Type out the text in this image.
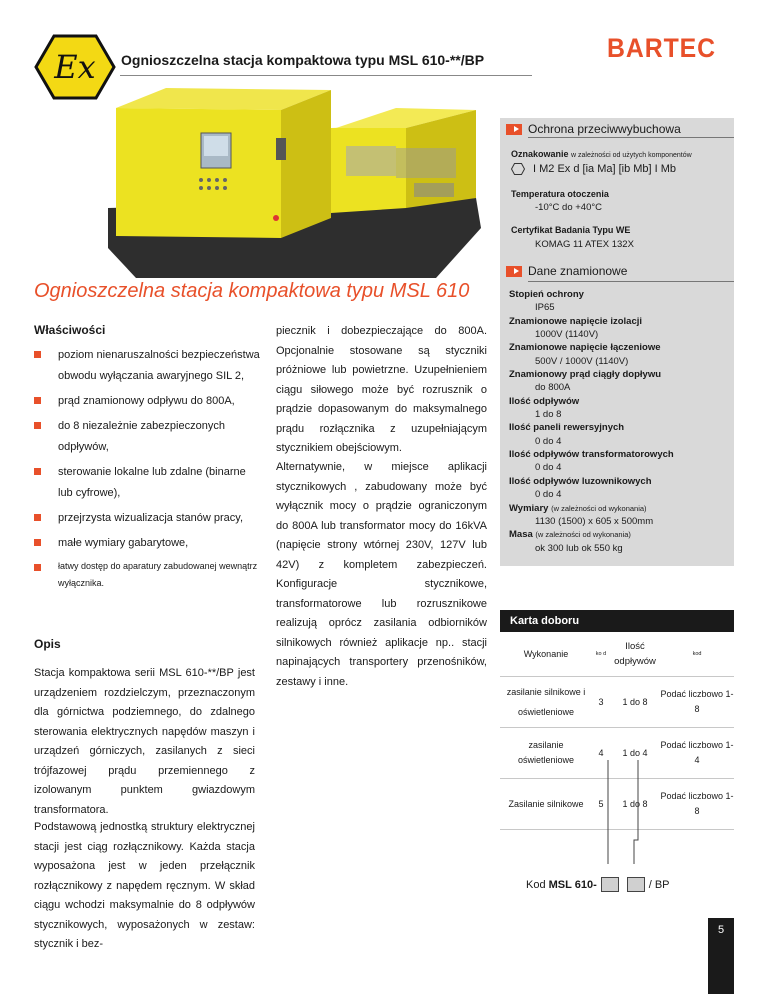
Ex Ognioszczelna stacja kompaktowa typu MSL 610-**/BP	BARTEC
Ognioszczelna stacja kompaktowa typu MSL 610
Ochrona przeciwwybuchowa
Oznakowanie w zależności od użytych komponentów
I M2 Ex d [ia Ma] [ib Mb] I Mb
Temperatura otoczenia
-10°C do +40°C
Certyfikat Badania Typu WE
KOMAG 11 ATEX 132X
Dane znamionowe
Stopień ochrony
IP65
Znamionowe napięcie izolacji
1000V (1140V)
Znamionowe napięcie łączeniowe
500V / 1000V (1140V)
Znamionowy prąd ciągły dopływu
do 800A
Ilość odpływów
1 do 8
Ilość paneli rewersyjnych
0 do 4
Ilość odpływów transformatorowych
0 do 4
Ilość odpływów luzownikowych
0 do 4
Wymiary (w zależności od wykonania)
1130 (1500) x 605 x 500mm
Masa (w zależności od wykonania)
ok 300 lub ok 550 kg
Właściwości
poziom nienaruszalności bezpieczeństwa obwodu wyłączania awaryjnego SIL 2,
prąd znamionowy odpływu do 800A,
do 8 niezależnie zabezpieczonych odpływów,
sterowanie lokalne lub zdalne (binarne lub cyfrowe),
przejrzysta wizualizacja stanów pracy,
małe wymiary gabarytowe,
łatwy dostęp do aparatury zabudowanej wewnątrz wyłącznika.
Opis
Stacja kompaktowa serii MSL 610-**/BP jest urządzeniem rozdzielczym, przeznaczonym dla górnictwa podziemnego, do zdalnego sterowania elektrycznych napędów maszyn i urządzeń górniczych, zasilanych z sieci trójfazowej prądu przemiennego z izolowanym punktem gwiazdowym transformatora.
Podstawową jednostką struktury elektrycznej stacji jest ciąg rozłącznikowy. Każda stacja wyposażona jest w jeden przełącznik rozłącznikowy z napędem ręcznym. W skład ciągu wchodzi maksymalnie do 8 odpływów stycznikowych, wyposażonych w zestaw: stycznik i bez-
piecznik i dobezpieczające do 800A. Opcjonalnie stosowane są styczniki próżniowe lub powietrzne. Uzupełnieniem ciągu siłowego może być rozrusznik o prądzie dopasowanym do maksymalnego prądu rozłącznika z uzupełniającym stycznikiem obejściowym.
Alternatywnie, w miejsce aplikacji stycznikowych , zabudowany może być wyłącznik mocy o prądzie ograniczonym do 800A lub transformator mocy do 16kVA (napięcie strony wtórnej 230V, 127V lub 42V) z kompletem zabezpieczeń. Konfiguracje stycznikowe, transformatorowe lub rozrusznikowe realizują oprócz zasilania odbiorników silnikowych również aplikacje np.. stacji napinających transportery przenośników, zestawy i inne.
Karta doboru
Wykonanie	ko d	Ilość odpływów	kod
zasilanie silnikowe i oświetleniowe	3	1 do 8	Podać liczbowo 1-8
zasilanie oświetleniowe	4	1 do 4	Podać liczbowo 1-4
Zasilanie silnikowe	5	1 do 8	Podać liczbowo 1-8
Kod
MSL 610-	/ BP
5
